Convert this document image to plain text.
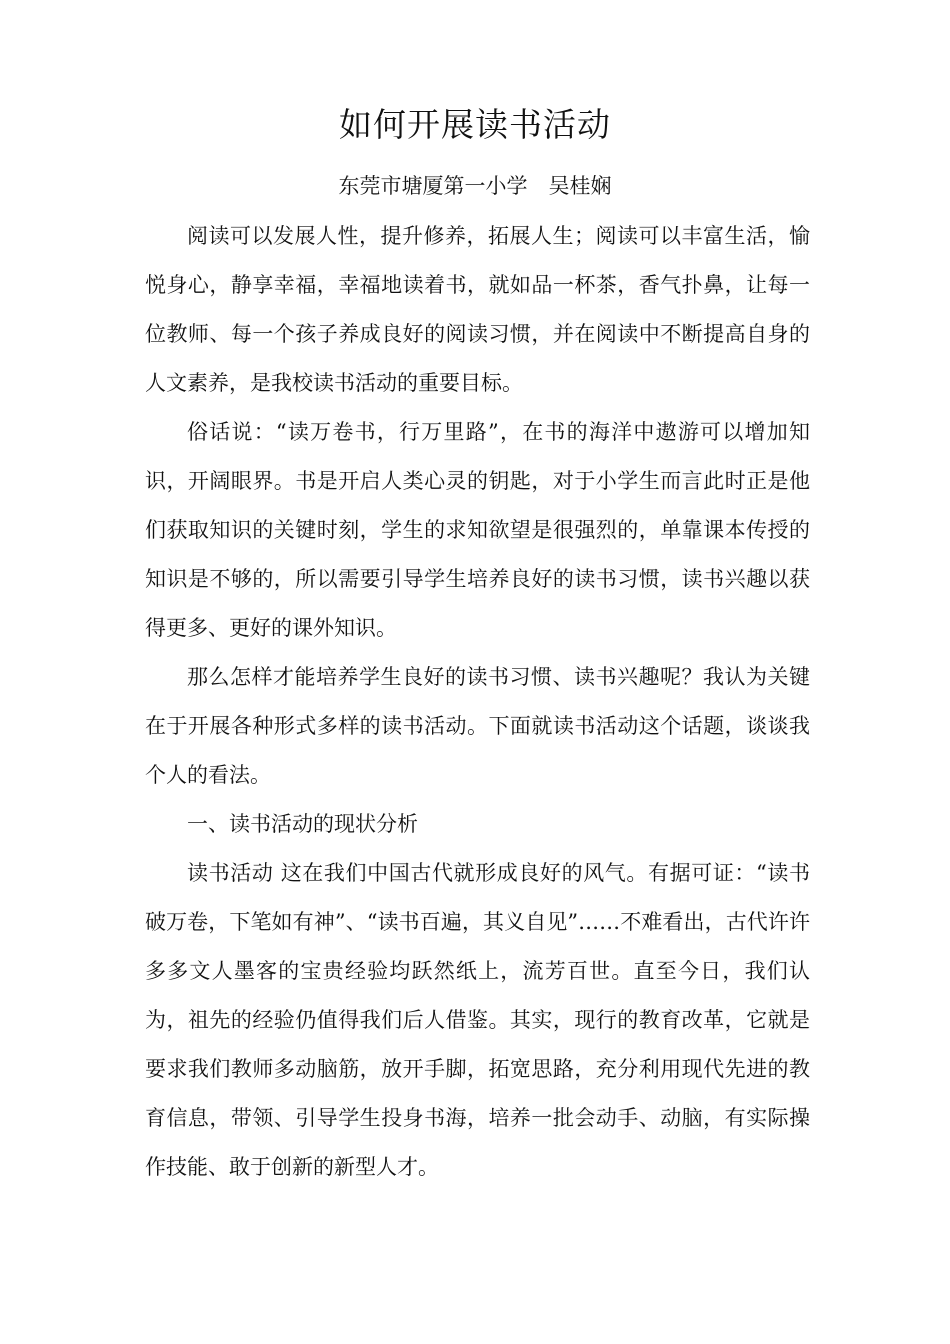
如何开展读书活动
东莞市塘厦第一小学　吴桂娴

阅读可以发展人性，提升修养，拓展人生；阅读可以丰富生活，愉悦身心，静享幸福，幸福地读着书，就如品一杯茶，香气扑鼻，让每一位教师、每一个孩子养成良好的阅读习惯，并在阅读中不断提高自身的人文素养，是我校读书活动的重要目标。

俗话说：“读万卷书，行万里路”，在书的海洋中遨游可以增加知识，开阔眼界。书是开启人类心灵的钥匙，对于小学生而言此时正是他们获取知识的关键时刻，学生的求知欲望是很强烈的，单靠课本传授的知识是不够的，所以需要引导学生培养良好的读书习惯，读书兴趣以获得更多、更好的课外知识。

那么怎样才能培养学生良好的读书习惯、读书兴趣呢？我认为关键在于开展各种形式多样的读书活动。下面就读书活动这个话题，谈谈我个人的看法。

一、读书活动的现状分析

读书活动 这在我们中国古代就形成良好的风气。有据可证：“读书破万卷，下笔如有神”、“读书百遍，其义自见”……不难看出，古代许许多多文人墨客的宝贵经验均跃然纸上，流芳百世。直至今日，我们认为，祖先的经验仍值得我们后人借鉴。其实，现行的教育改革，它就是要求我们教师多动脑筋，放开手脚，拓宽思路，充分利用现代先进的教育信息，带领、引导学生投身书海，培养一批会动手、动脑，有实际操作技能、敢于创新的新型人才。
